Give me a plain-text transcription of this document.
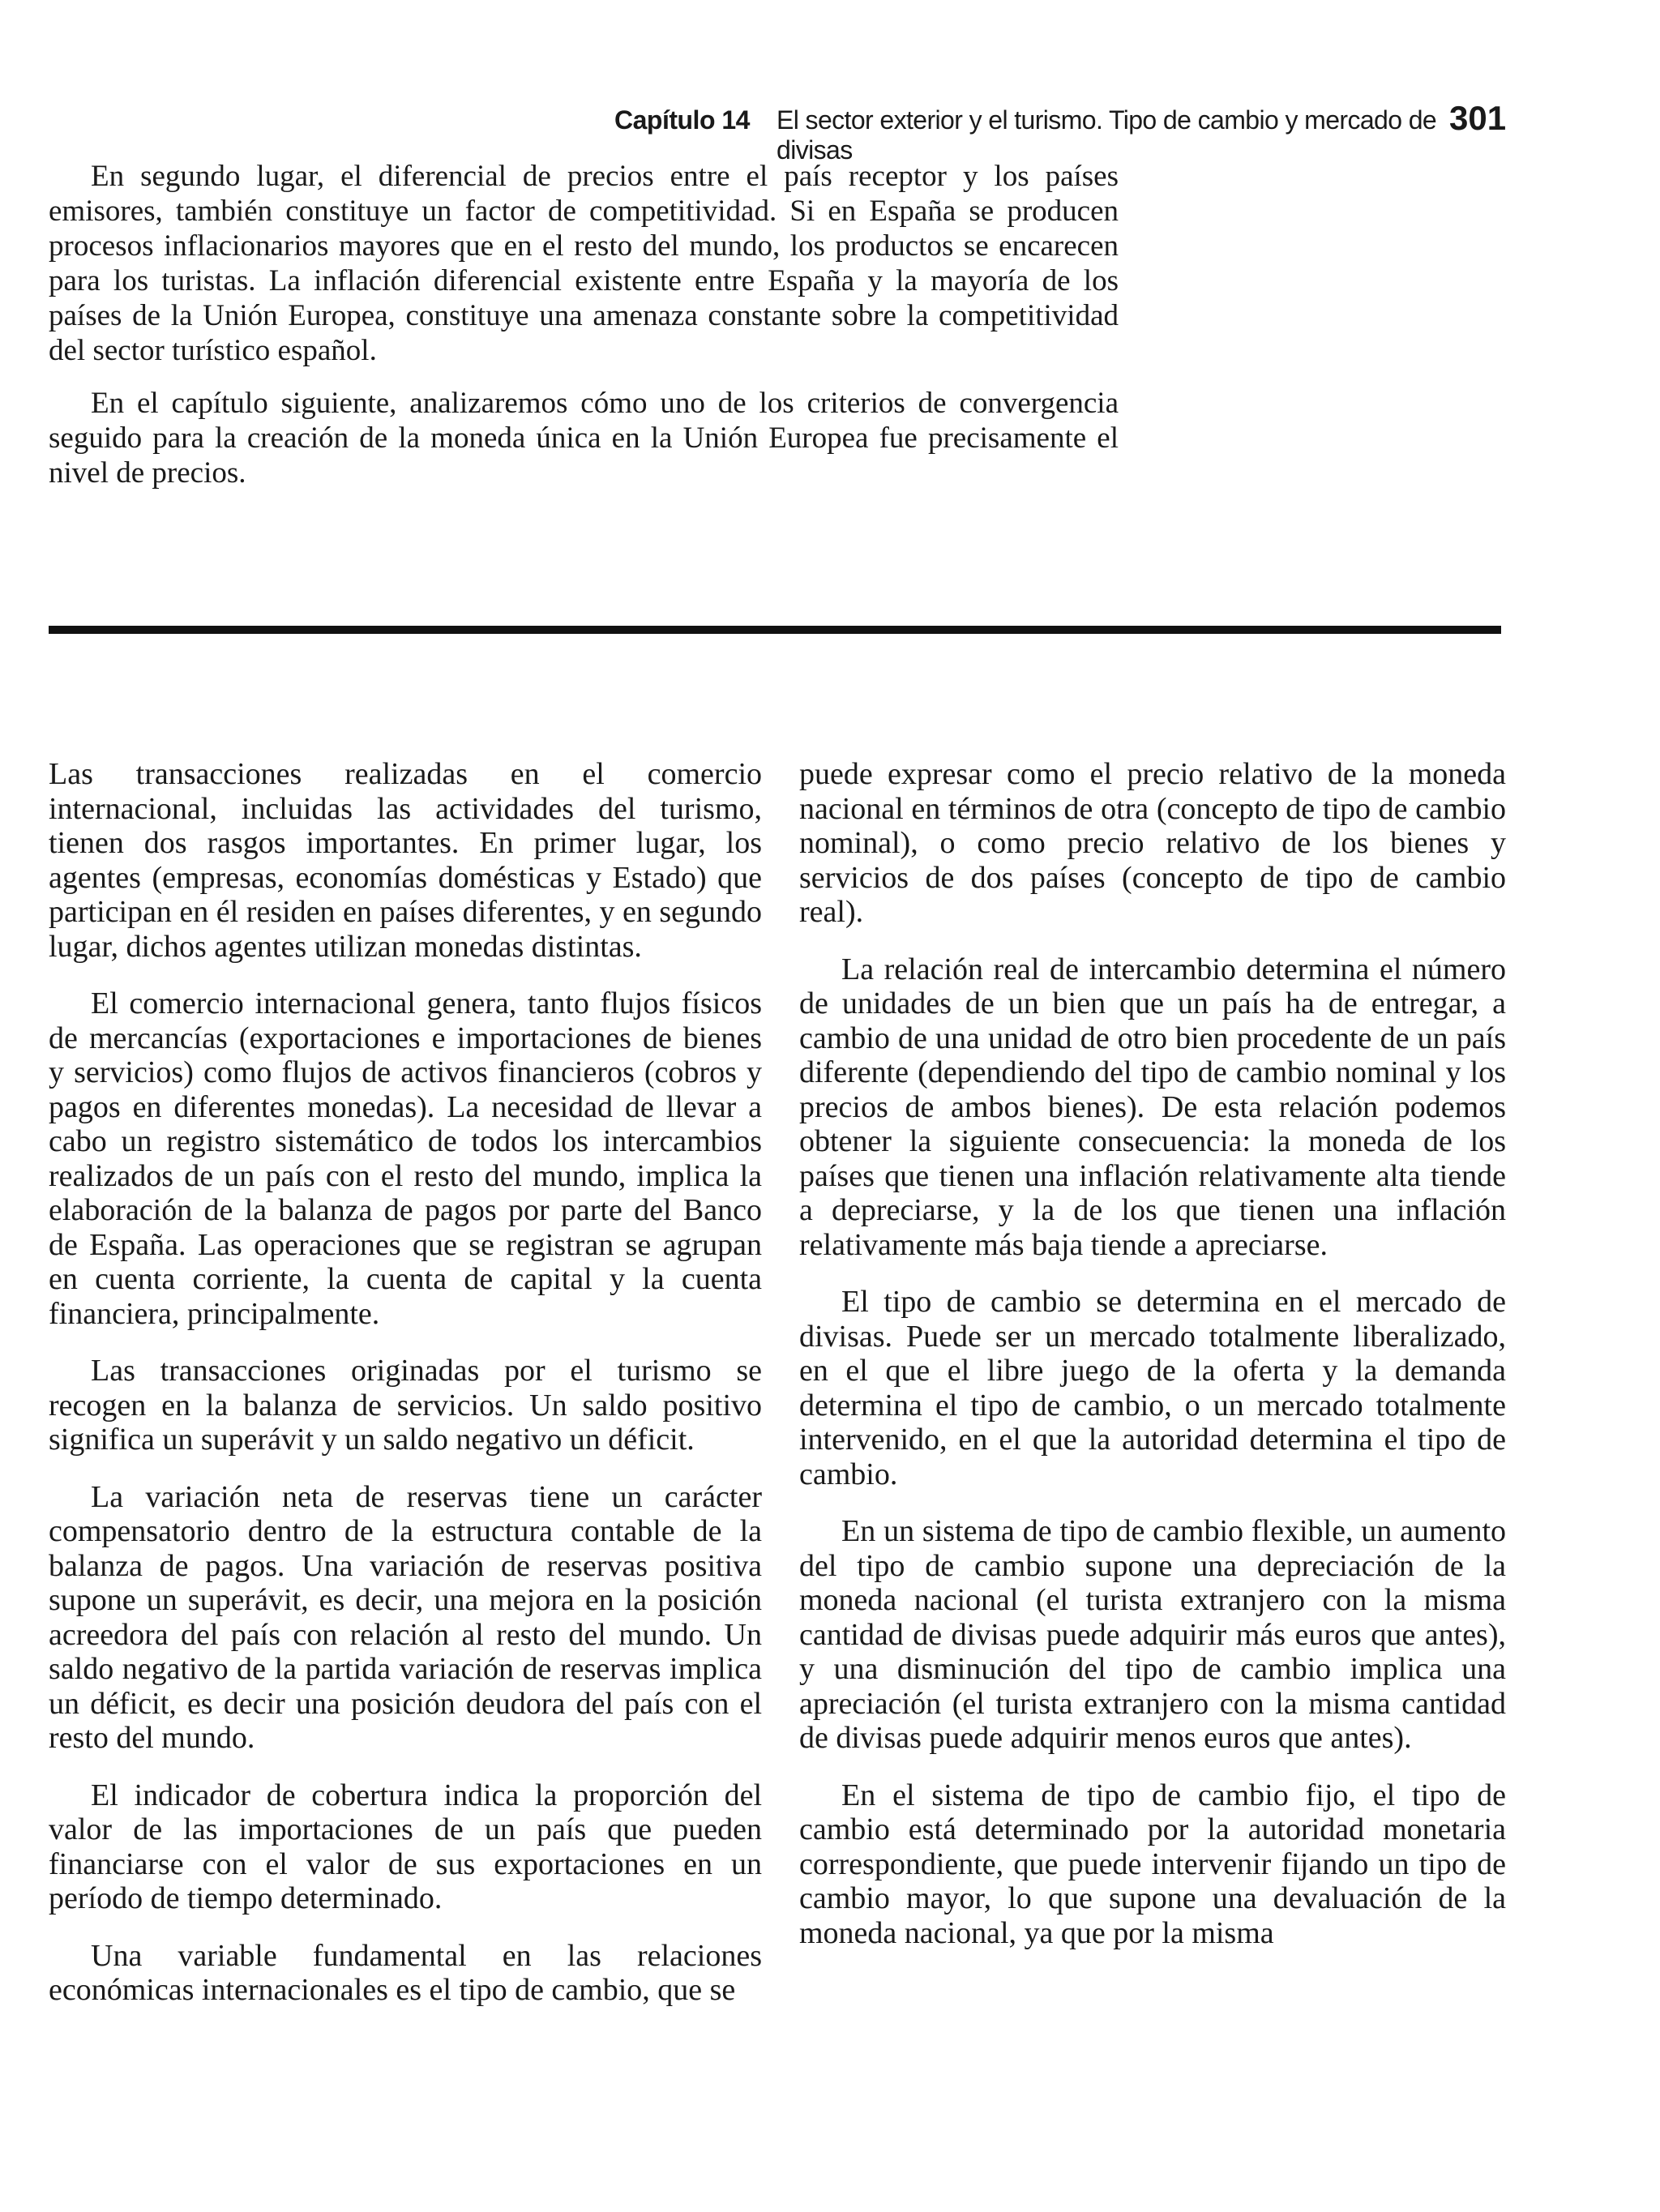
Capítulo 14 El sector exterior y el turismo. Tipo de cambio y mercado de divisas
301

En segundo lugar, el diferencial de precios entre el país receptor y los países emisores, también constituye un factor de competitividad. Si en España se producen procesos inflacionarios mayores que en el resto del mundo, los productos se encarecen para los turistas. La inflación diferencial existente entre España y la mayoría de los países de la Unión Europea, constituye una amenaza constante sobre la competitividad del sector turístico español.

En el capítulo siguiente, analizaremos cómo uno de los criterios de convergencia seguido para la creación de la moneda única en la Unión Europea fue precisamente el nivel de precios.

Las transacciones realizadas en el comercio internacional, incluidas las actividades del turismo, tienen dos rasgos importantes. En primer lugar, los agentes (empresas, economías domésticas y Estado) que participan en él residen en países diferentes, y en segundo lugar, dichos agentes utilizan monedas distintas.

El comercio internacional genera, tanto flujos físicos de mercancías (exportaciones e importaciones de bienes y servicios) como flujos de activos financieros (cobros y pagos en diferentes monedas). La necesidad de llevar a cabo un registro sistemático de todos los intercambios realizados de un país con el resto del mundo, implica la elaboración de la balanza de pagos por parte del Banco de España. Las operaciones que se registran se agrupan en cuenta corriente, la cuenta de capital y la cuenta financiera, principalmente.

Las transacciones originadas por el turismo se recogen en la balanza de servicios. Un saldo positivo significa un superávit y un saldo negativo un déficit.

La variación neta de reservas tiene un carácter compensatorio dentro de la estructura contable de la balanza de pagos. Una variación de reservas positiva supone un superávit, es decir, una mejora en la posición acreedora del país con relación al resto del mundo. Un saldo negativo de la partida variación de reservas implica un déficit, es decir una posición deudora del país con el resto del mundo.

El indicador de cobertura indica la proporción del valor de las importaciones de un país que pueden financiarse con el valor de sus exportaciones en un período de tiempo determinado.

Una variable fundamental en las relaciones económicas internacionales es el tipo de cambio, que se

puede expresar como el precio relativo de la moneda nacional en términos de otra (concepto de tipo de cambio nominal), o como precio relativo de los bienes y servicios de dos países (concepto de tipo de cambio real).

La relación real de intercambio determina el número de unidades de un bien que un país ha de entregar, a cambio de una unidad de otro bien procedente de un país diferente (dependiendo del tipo de cambio nominal y los precios de ambos bienes). De esta relación podemos obtener la siguiente consecuencia: la moneda de los países que tienen una inflación relativamente alta tiende a depreciarse, y la de los que tienen una inflación relativamente más baja tiende a apreciarse.

El tipo de cambio se determina en el mercado de divisas. Puede ser un mercado totalmente liberalizado, en el que el libre juego de la oferta y la demanda determina el tipo de cambio, o un mercado totalmente intervenido, en el que la autoridad determina el tipo de cambio.

En un sistema de tipo de cambio flexible, un aumento del tipo de cambio supone una depreciación de la moneda nacional (el turista extranjero con la misma cantidad de divisas puede adquirir más euros que antes), y una disminución del tipo de cambio implica una apreciación (el turista extranjero con la misma cantidad de divisas puede adquirir menos euros que antes).

En el sistema de tipo de cambio fijo, el tipo de cambio está determinado por la autoridad monetaria correspondiente, que puede intervenir fijando un tipo de cambio mayor, lo que supone una devaluación de la moneda nacional, ya que por la misma
